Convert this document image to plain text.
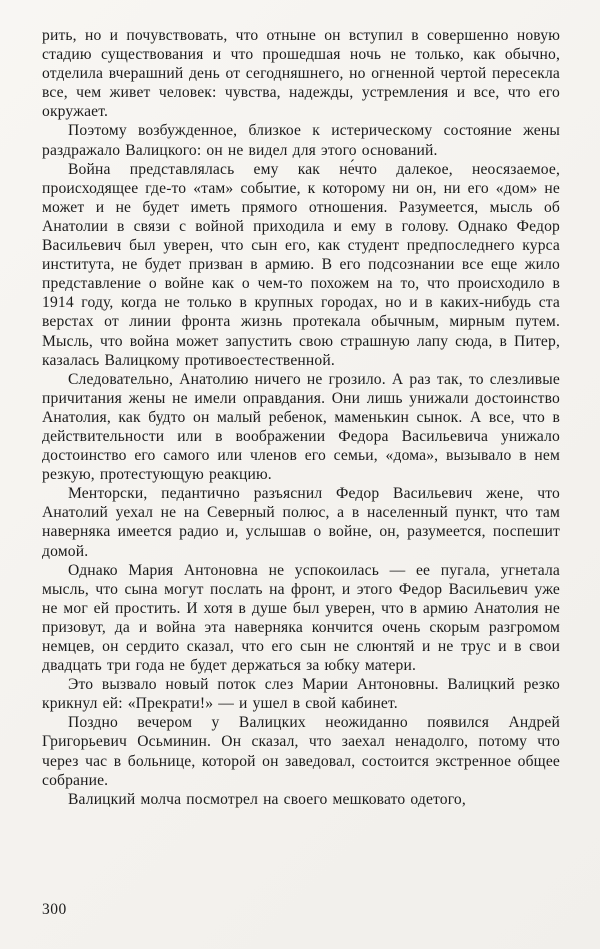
рить, но и почувствовать, что отныне он вступил в совершенно новую стадию существования и что прошедшая ночь не только, как обычно, отделила вчерашний день от сегодняшнего, но огненной чертой пересекла все, чем живет человек: чувства, надежды, устремления и все, что его окружает.

Поэтому возбужденное, близкое к истерическому состояние жены раздражало Валицкого: он не видел для этого оснований.

Война представлялась ему как не́что далекое, неосязаемое, происходящее где-то «там» событие, к которому ни он, ни его «дом» не может и не будет иметь прямого отношения. Разумеется, мысль об Анатолии в связи с войной приходила и ему в голову. Однако Федор Васильевич был уверен, что сын его, как студент предпоследнего курса института, не будет призван в армию. В его подсознании все еще жило представление о войне как о чем-то похожем на то, что происходило в 1914 году, когда не только в крупных городах, но и в каких-нибудь ста верстах от линии фронта жизнь протекала обычным, мирным путем. Мысль, что война может запустить свою страшную лапу сюда, в Питер, казалась Валицкому противоестественной.

Следовательно, Анатолию ничего не грозило. А раз так, то слезливые причитания жены не имели оправдания. Они лишь унижали достоинство Анатолия, как будто он малый ребенок, маменькин сынок. А все, что в действительности или в воображении Федора Васильевича унижало достоинство его самого или членов его семьи, «дома», вызывало в нем резкую, протестующую реакцию.

Менторски, педантично разъяснил Федор Васильевич жене, что Анатолий уехал не на Северный полюс, а в населенный пункт, что там наверняка имеется радио и, услышав о войне, он, разумеется, поспешит домой.

Однако Мария Антоновна не успокоилась — ее пугала, угнетала мысль, что сына могут послать на фронт, и этого Федор Васильевич уже не мог ей простить. И хотя в душе был уверен, что в армию Анатолия не призовут, да и война эта наверняка кончится очень скорым разгромом немцев, он сердито сказал, что его сын не слюнтяй и не трус и в свои двадцать три года не будет держаться за юбку матери.

Это вызвало новый поток слез Марии Антоновны. Валицкий резко крикнул ей: «Прекрати!» — и ушел в свой кабинет.

Поздно вечером у Валицких неожиданно появился Андрей Григорьевич Осьминин. Он сказал, что заехал ненадолго, потому что через час в больнице, которой он заведовал, состоится экстренное общее собрание.

Валицкий молча посмотрел на своего мешковато одетого,

300
